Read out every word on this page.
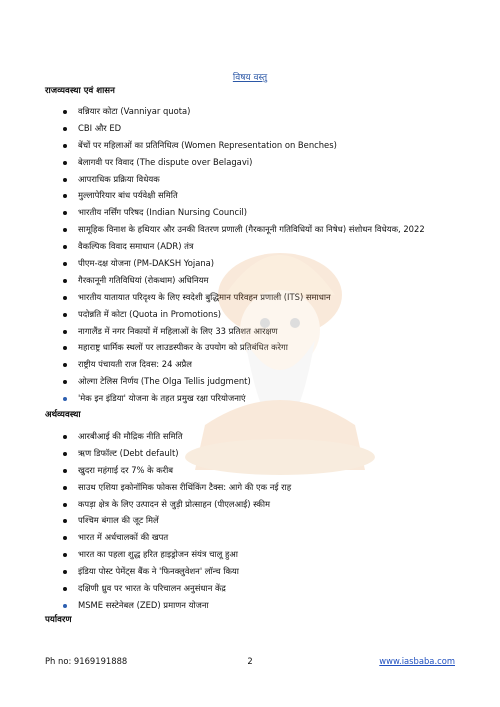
विषय वस्तु
राजव्यवस्था एवं शासन
वन्नियार कोटा (Vanniyar quota)
CBI और ED
बेंचों पर महिलाओं का प्रतिनिधित्व (Women Representation on Benches)
बेलागवी पर विवाद (The dispute over Belagavi)
आपराधिक प्रक्रिया विधेयक
मुल्लापेरियार बांध पर्यवेक्षी समिति
भारतीय नर्सिंग परिषद (Indian Nursing Council)
सामूहिक विनाश के हथियार और उनकी वितरण प्रणाली (गैरकानूनी गतिविधियों का निषेध) संशोधन विधेयक, 2022
वैकल्पिक विवाद समाधान (ADR) तंत्र
पीएम-दक्ष योजना (PM-DAKSH Yojana)
गैरकानूनी गतिविधियां (रोकथाम) अधिनियम
भारतीय यातायात परिदृश्य के लिए स्वदेशी बुद्धिमान परिवहन प्रणाली (ITS) समाधान
पदोन्नति में कोटा (Quota in Promotions)
नागालैंड में नगर निकायों में महिलाओं के लिए 33 प्रतिशत आरक्षण
महाराष्ट्र धार्मिक स्थलों पर लाउडस्पीकर के उपयोग को प्रतिबंधित करेगा
राष्ट्रीय पंचायती राज दिवस: 24 अप्रैल
ओल्गा टेलिस निर्णय (The Olga Tellis judgment)
'मेक इन इंडिया' योजना के तहत प्रमुख रक्षा परियोजनाएं
अर्थव्यवस्था
आरबीआई की मौद्रिक नीति समिति
ऋण डिफॉल्ट (Debt default)
खुदरा महंगाई दर 7% के करीब
साउथ एशिया इकोनॉमिक फोकस रीथिंकिंग टैक्स: आगे की एक नई राह
कपड़ा क्षेत्र के लिए उत्पादन से जुड़ी प्रोत्साहन (पीएलआई) स्कीम
पश्चिम बंगाल की जूट मिलें
भारत में अर्धचालकों की खपत
भारत का पहला शुद्ध हरित हाइड्रोजन संयंत्र चालू हुआ
इंडिया पोस्ट पेमेंट्स बैंक ने 'फिनक्लुवेशन' लॉन्च किया
दक्षिणी ध्रुव पर भारत के परिचालन अनुसंधान केंद्र
MSME सस्टेनेबल (ZED) प्रमाणन योजना
पर्यावरण
Ph no: 9169191888	2	www.iasbaba.com
